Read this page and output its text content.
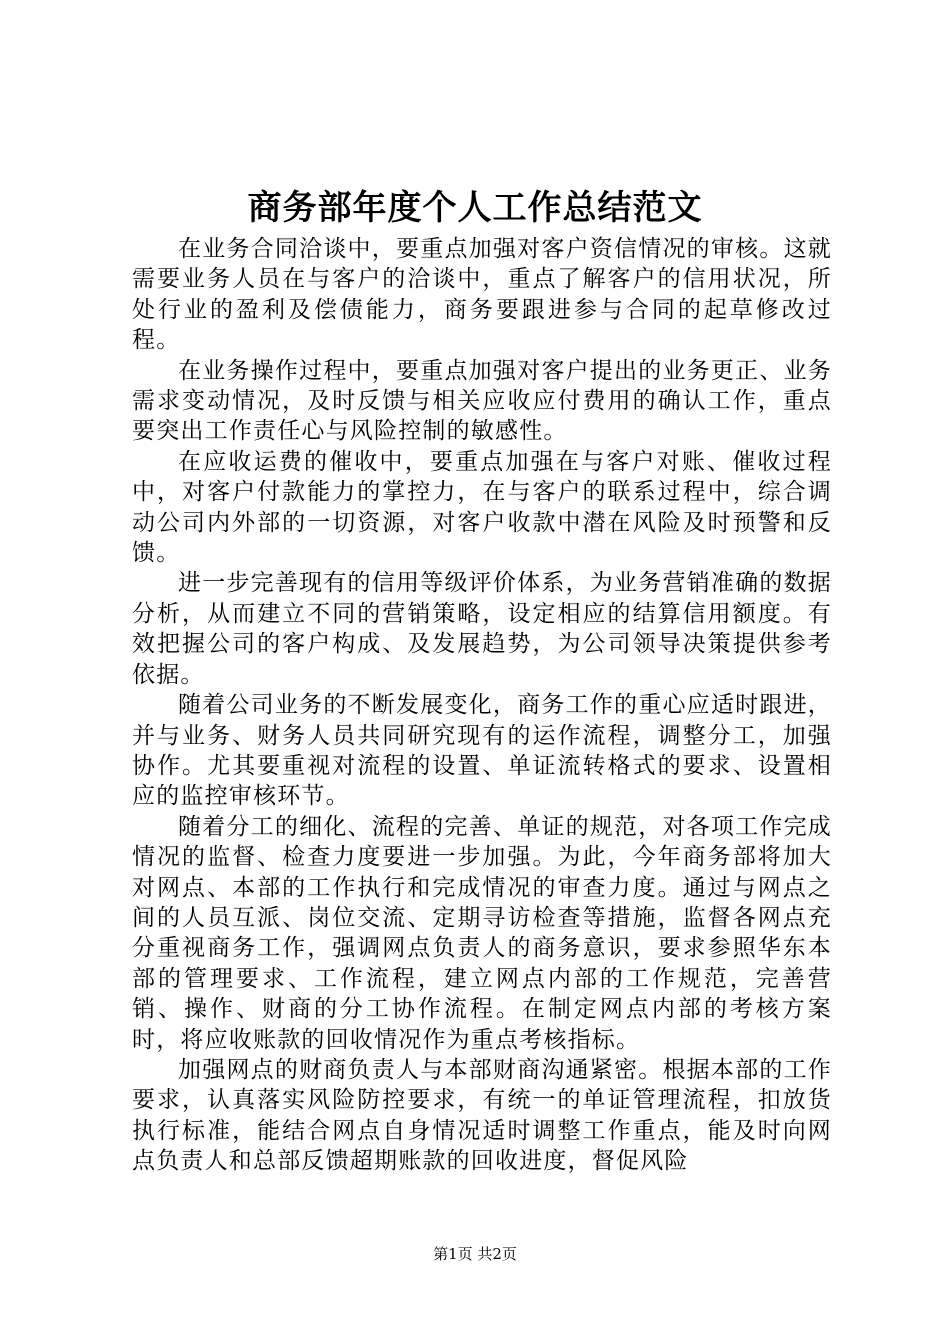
商务部年度个人工作总结范文

在业务合同洽谈中，要重点加强对客户资信情况的审核。这就需要业务人员在与客户的洽谈中，重点了解客户的信用状况，所处行业的盈利及偿债能力，商务要跟进参与合同的起草修改过程。

在业务操作过程中，要重点加强对客户提出的业务更正、业务需求变动情况，及时反馈与相关应收应付费用的确认工作，重点要突出工作责任心与风险控制的敏感性。

在应收运费的催收中，要重点加强在与客户对账、催收过程中，对客户付款能力的掌控力，在与客户的联系过程中，综合调动公司内外部的一切资源，对客户收款中潜在风险及时预警和反馈。

进一步完善现有的信用等级评价体系，为业务营销准确的数据分析，从而建立不同的营销策略，设定相应的结算信用额度。有效把握公司的客户构成、及发展趋势，为公司领导决策提供参考依据。

随着公司业务的不断发展变化，商务工作的重心应适时跟进，并与业务、财务人员共同研究现有的运作流程，调整分工，加强协作。尤其要重视对流程的设置、单证流转格式的要求、设置相应的监控审核环节。

随着分工的细化、流程的完善、单证的规范，对各项工作完成情况的监督、检查力度要进一步加强。为此，今年商务部将加大对网点、本部的工作执行和完成情况的审查力度。通过与网点之间的人员互派、岗位交流、定期寻访检查等措施，监督各网点充分重视商务工作，强调网点负责人的商务意识，要求参照华东本部的管理要求、工作流程，建立网点内部的工作规范，完善营销、操作、财商的分工协作流程。在制定网点内部的考核方案时，将应收账款的回收情况作为重点考核指标。

加强网点的财商负责人与本部财商沟通紧密。根据本部的工作要求，认真落实风险防控要求，有统一的单证管理流程，扣放货执行标准，能结合网点自身情况适时调整工作重点，能及时向网点负责人和总部反馈超期账款的回收进度，督促风险

第1页 共2页
